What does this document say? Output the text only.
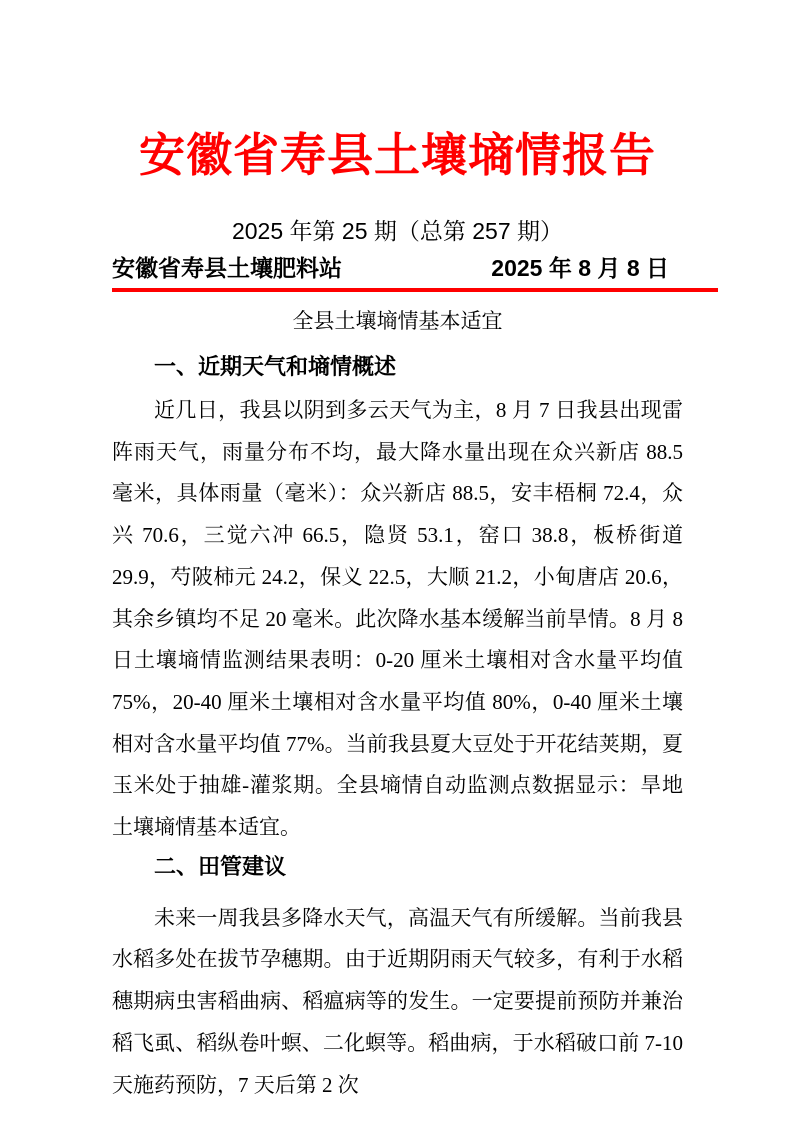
安徽省寿县土壤墒情报告
2025 年第 25 期（总第 257 期）
安徽省寿县土壤肥料站	2025 年 8 月 8 日
全县土壤墒情基本适宜
一、近期天气和墒情概述

近几日，我县以阴到多云天气为主，8 月 7 日我县出现雷阵雨天气，雨量分布不均，最大降水量出现在众兴新店 88.5 毫米，具体雨量（毫米）：众兴新店 88.5，安丰梧桐 72.4，众兴 70.6，三觉六冲 66.5，隐贤 53.1，窑口 38.8，板桥街道 29.9，芍陂柿元 24.2，保义 22.5，大顺 21.2，小甸唐店 20.6，其余乡镇均不足 20 毫米。此次降水基本缓解当前旱情。8 月 8 日土壤墒情监测结果表明：0-20 厘米土壤相对含水量平均值 75%，20-40 厘米土壤相对含水量平均值 80%，0-40 厘米土壤相对含水量平均值 77%。当前我县夏大豆处于开花结荚期，夏玉米处于抽雄-灌浆期。全县墒情自动监测点数据显示：旱地土壤墒情基本适宜。

二、田管建议

未来一周我县多降水天气，高温天气有所缓解。当前我县水稻多处在拔节孕穗期。由于近期阴雨天气较多，有利于水稻穗期病虫害稻曲病、稻瘟病等的发生。一定要提前预防并兼治稻飞虱、稻纵卷叶螟、二化螟等。稻曲病，于水稻破口前 7-10 天施药预防，7 天后第 2 次
